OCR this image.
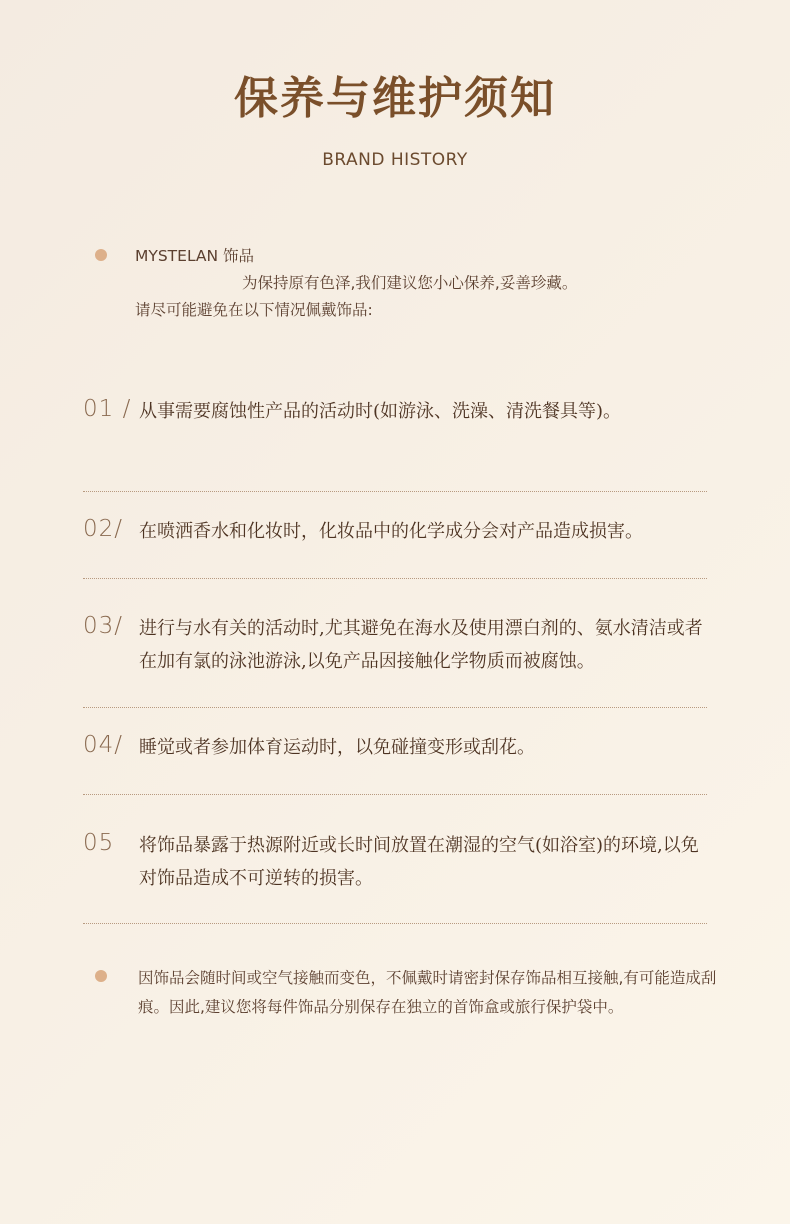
保养与维护须知
BRAND HISTORY
MYSTELAN 饰品
为保持原有色泽,我们建议您小心保养,妥善珍藏。
请尽可能避免在以下情况佩戴饰品:
01 / 从事需要腐蚀性产品的活动时(如游泳、洗澡、清洗餐具等)。
02/ 在喷洒香水和化妆时，化妆品中的化学成分会对产品造成损害。
03/ 进行与水有关的活动时,尤其避免在海水及使用漂白剂的、氨水清洁或者在加有氯的泳池游泳,以免产品因接触化学物质而被腐蚀。
04/ 睡觉或者参加体育运动时，以免碰撞变形或刮花。
05 将饰品暴露于热源附近或长时间放置在潮湿的空气(如浴室)的环境,以免对饰品造成不可逆转的损害。
因饰品会随时间或空气接触而变色，不佩戴时请密封保存饰品相互接触,有可能造成刮痕。因此,建议您将每件饰品分别保存在独立的首饰盒或旅行保护袋中。
